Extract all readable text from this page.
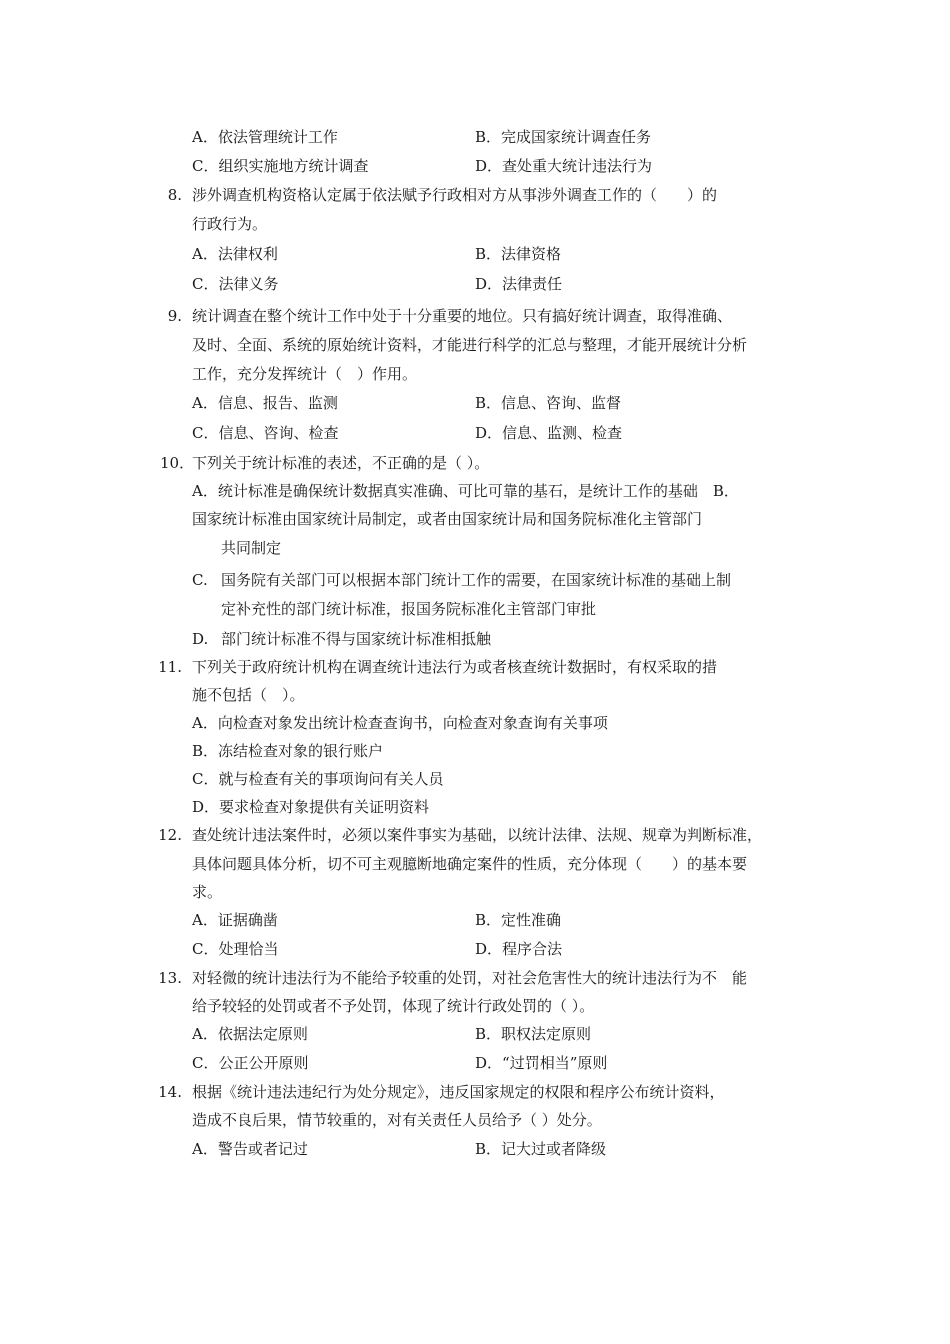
A．依法管理统计工作	B．完成国家统计调查任务
C．组织实施地方统计调查	D．查处重大统计违法行为
8. 涉外调查机构资格认定属于依法赋予行政相对方从事涉外调查工作的（　　）的
行政行为。
A．法律权利	B．法律资格
C．法律义务	D．法律责任
9. 统计调查在整个统计工作中处于十分重要的地位。只有搞好统计调查，取得准确、
及时、全面、系统的原始统计资料，才能进行科学的汇总与整理，才能开展统计分析
工作，充分发挥统计（　）作用。
A．信息、报告、监测	B．信息、咨询、监督
C．信息、咨询、检查	D．信息、监测、检查
10．
下列关于统计标准的表述，不正确的是（ ）。
A．统计标准是确保统计数据真实准确、可比可靠的基石，是统计工作的基础　B．
国家统计标准由国家统计局制定，或者由国家统计局和国务院标准化主管部门
共同制定
C. 国务院有关部门可以根据本部门统计工作的需要，在国家统计标准的基础上制
定补充性的部门统计标准，报国务院标准化主管部门审批
D. 部门统计标准不得与国家统计标准相抵触
11. 下列关于政府统计机构在调查统计违法行为或者核查统计数据时，有权采取的措
施不包括（　）。
A．向检查对象发出统计检查查询书，向检查对象查询有关事项
B．冻结检查对象的银行账户
C．就与检查有关的事项询问有关人员
D．要求检查对象提供有关证明资料
12. 查处统计违法案件时，必须以案件事实为基础，以统计法律、法规、规章为判断标准，
具体问题具体分析，切不可主观臆断地确定案件的性质，充分体现（　　）的基本要
求。
A．证据确凿	B．定性准确
C．处理恰当	D．程序合法
13. 对轻微的统计违法行为不能给予较重的处罚，对社会危害性大的统计违法行为不　能
给予较轻的处罚或者不予处罚，体现了统计行政处罚的（ ）。
A．依据法定原则	B．职权法定原则
C．公正公开原则	D．“过罚相当”原则
14. 根据《统计违法违纪行为处分规定》，违反国家规定的权限和程序公布统计资料，
造成不良后果，情节较重的，对有关责任人员给予（ ）处分。
A．警告或者记过	B．记大过或者降级
